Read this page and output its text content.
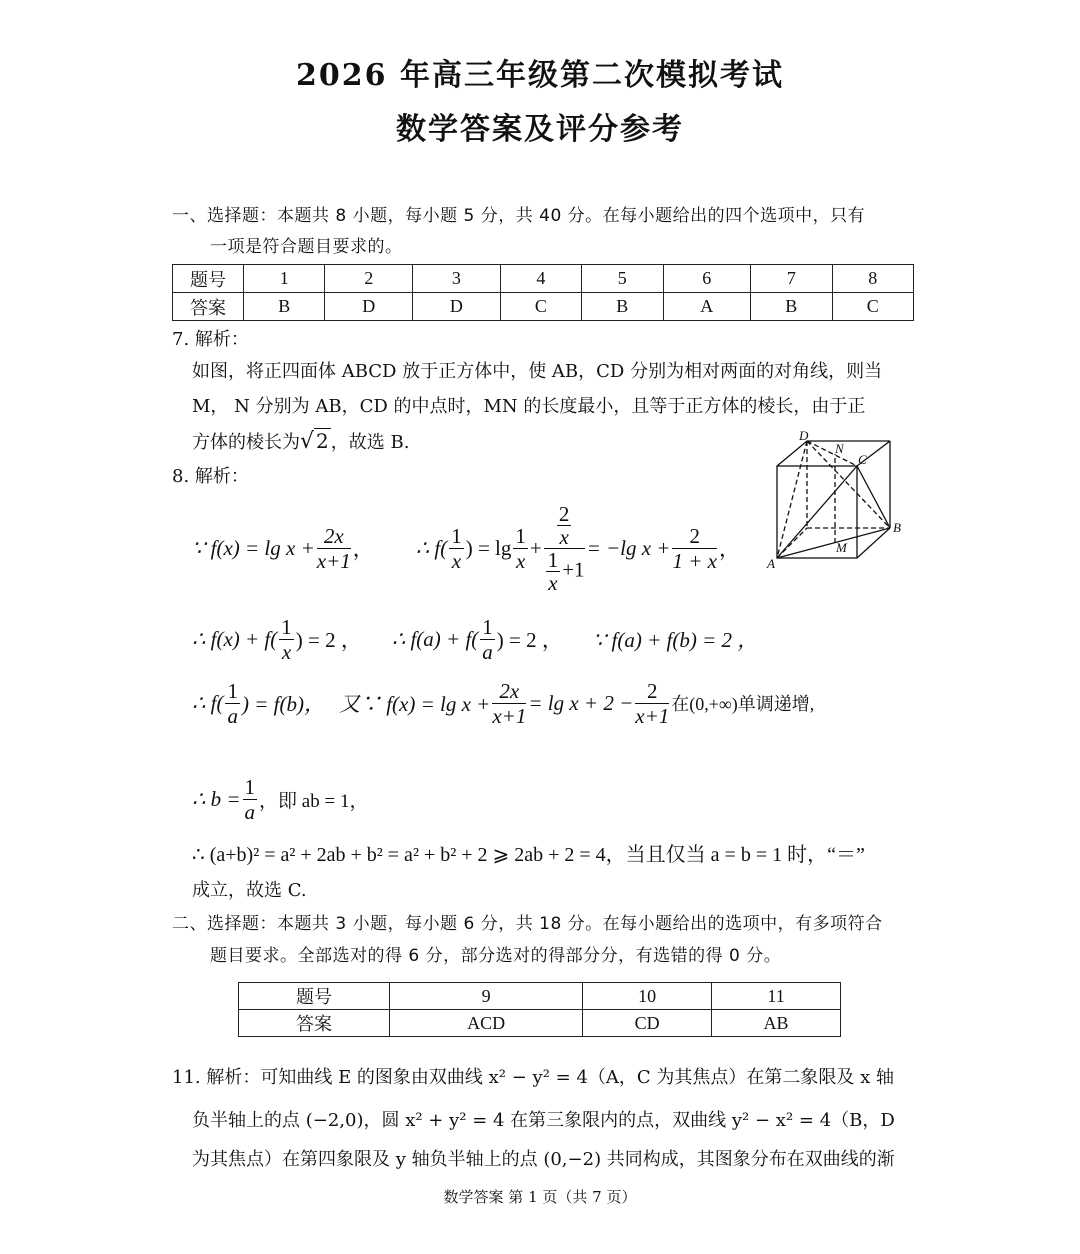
2026 年高三年级第二次模拟考试
数学答案及评分参考
一、选择题：本题共 8 小题，每小题 5 分，共 40 分。在每小题给出的四个选项中，只有
一项是符合题目要求的。
题号	1	2	3	4	5	6	7	8
答案	B	D	D	C	B	A	B	C
7. 解析：
如图，将正四面体 ABCD 放于正方体中，使 AB，CD 分别为相对两面的对角线，则当
M， N 分别为 AB，CD 的中点时，MN 的长度最小，且等于正方体的棱长，由于正
方体的棱长为√ 2 ，故选 B.
A
B
C
D
M
N
8. 解析：
∵ $f(x) = \lg x + \frac{2x}{x+1}$ ， ∴ $f( \frac{1}{x}$ ) = $\lg \frac{1}{x} + \frac{\frac{2}{x}}{\frac{1}{x} +1} = -\lg$ $x + \frac{2}{1 + x}$ ，
∴ $f(x) + f( \frac{1}{x}$ ) = 2 ， ∴ $f(a) + f( \frac{1}{a}$ ) = 2 ， ∵ f(a) + f(b) = 2 ，
∴ $f( \frac{1}{a}$ ) = f(b)， 又∵ $f(x) = \lg x + \frac{2x}{x+1} = \lg x + 2 - \frac{2}{x+1}$ 在(0,+∞)单调递增,
∴ $b = \frac{1}{a}$ ，即 ab = 1，
∴ (a+b)² = a² + 2ab + b² = a² + b² + 2 ⩾ 2ab + 2 = 4，当且仅当 a = b = 1 时，“＝”
成立，故选 C.
二、选择题：本题共 3 小题，每小题 6 分，共 18 分。在每小题给出的选项中，有多项符合
题目要求。全部选对的得 6 分，部分选对的得部分分，有选错的得 0 分。
题号	9	10	11
答案	ACD	CD	AB
11. 解析：可知曲线 E 的图象由双曲线 x² − y² = 4（A，C 为其焦点）在第二象限及 x 轴
负半轴上的点 (−2,0)，圆 x² + y² = 4 在第三象限内的点，双曲线 y² − x² = 4（B，D
为其焦点）在第四象限及 y 轴负半轴上的点 (0,−2) 共同构成，其图象分布在双曲线的渐
数学答案 第 1 页（共 7 页）
